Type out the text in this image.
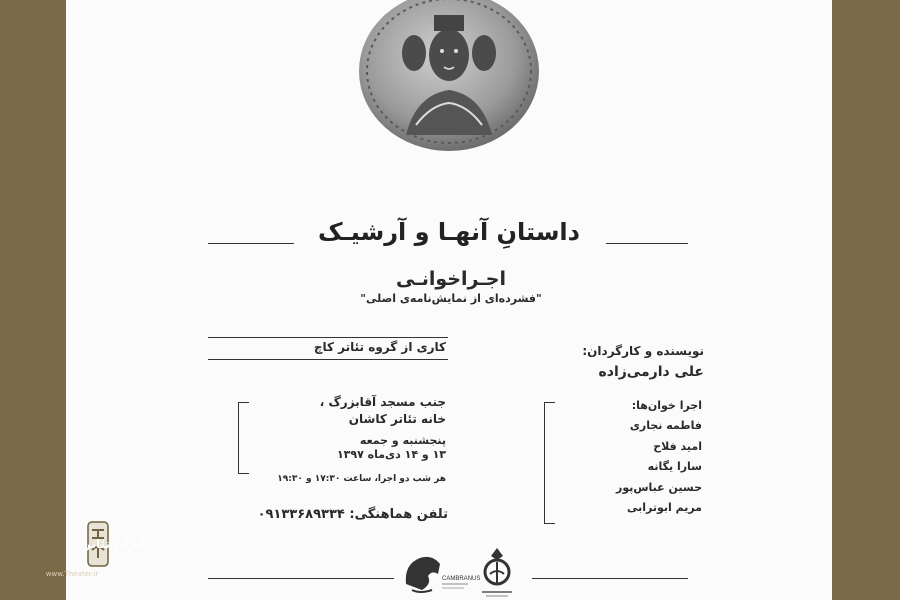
داستانِ آنهـا و آرشیـک
اجـراخوانـی
"فشرده‌ای از نمایش‌نامه‌ی اصلی"
کاری از گروه تئاتر کاچ	نویسنده و کارگردان:
علی دارمی‌زاده
جنب مسجد آقابزرگ ،
خانه تئاتر کاشان
پنجشنبه و جمعه
۱۳ و ۱۴ دی‌ماه ۱۳۹۷
هر شب دو اجرا، ساعت ۱۷:۳۰ و ۱۹:۳۰
تلفن هماهنگی: ۰۹۱۳۳۶۸۹۳۳۴
اجرا خوان‌ها:
فاطمه نجاری
امید فلاح
سارا یگانه
حسین عباس‌پور
مریم ابوترابی
CAMBRANUS
ایران تئاتر
www.Theater.ir
